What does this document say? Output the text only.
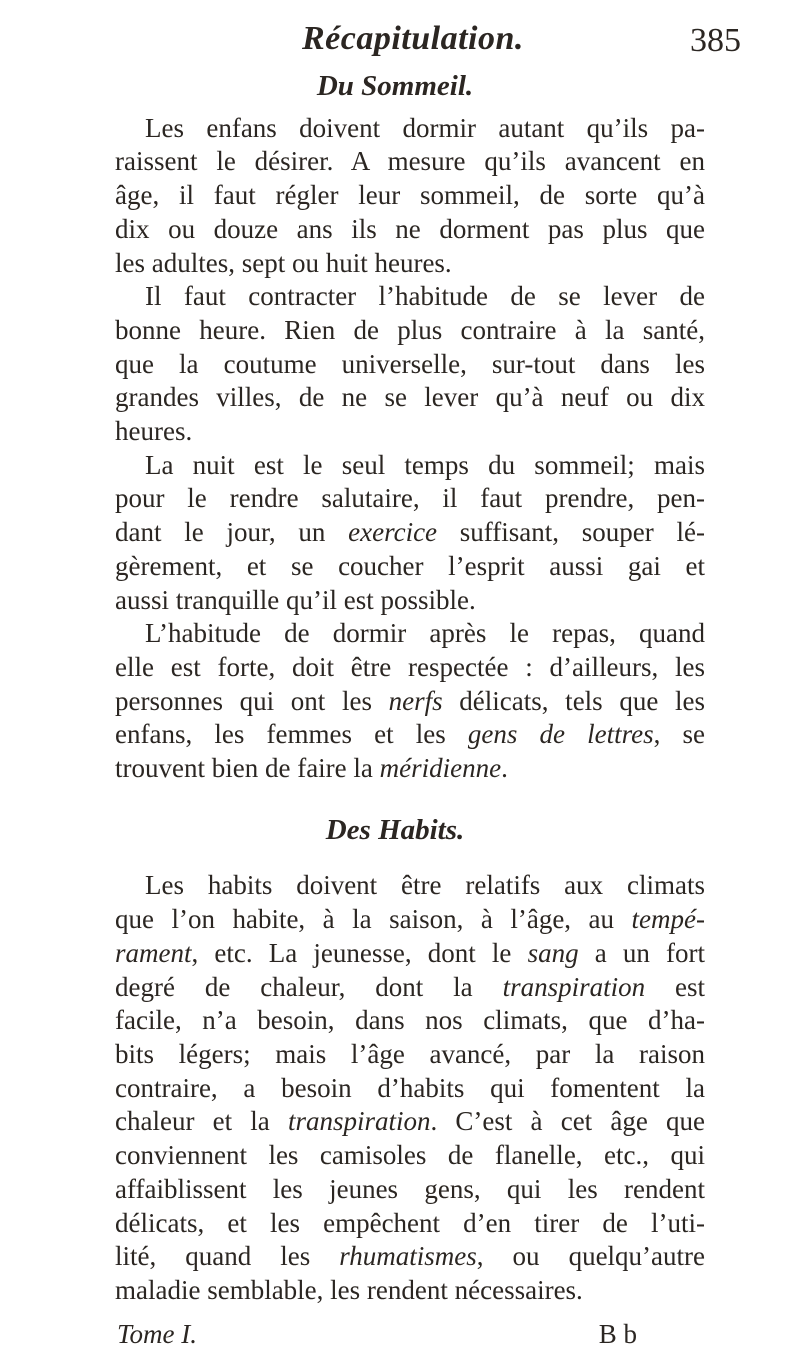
Récapitulation.	385
Du Sommeil.

Les enfans doivent dormir autant qu’ils pa-
raissent le désirer. A mesure qu’ils avancent en
âge, il faut régler leur sommeil, de sorte qu’à
dix ou douze ans ils ne dorment pas plus que
les adultes, sept ou huit heures.

Il faut contracter l’habitude de se lever de
bonne heure. Rien de plus contraire à la santé,
que la coutume universelle, sur-tout dans les
grandes villes, de ne se lever qu’à neuf ou dix
heures.

La nuit est le seul temps du sommeil; mais
pour le rendre salutaire, il faut prendre, pen-
dant le jour, un exercice suffisant, souper lé-
gèrement, et se coucher l’esprit aussi gai et
aussi tranquille qu’il est possible.

L’habitude de dormir après le repas, quand
elle est forte, doit être respectée : d’ailleurs, les
personnes qui ont les nerfs délicats, tels que les
enfans, les femmes et les gens de lettres, se
trouvent bien de faire la méridienne.

Des Habits.

Les habits doivent être relatifs aux climats
que l’on habite, à la saison, à l’âge, au tempé-
rament, etc. La jeunesse, dont le sang a un fort
degré de chaleur, dont la transpiration est
facile, n’a besoin, dans nos climats, que d’ha-
bits légers; mais l’âge avancé, par la raison
contraire, a besoin d’habits qui fomentent la
chaleur et la transpiration. C’est à cet âge que
conviennent les camisoles de flanelle, etc., qui
affaiblissent les jeunes gens, qui les rendent
délicats, et les empêchent d’en tirer de l’uti-
lité, quand les rhumatismes, ou quelqu’autre
maladie semblable, les rendent nécessaires.

Tome I.	B b
